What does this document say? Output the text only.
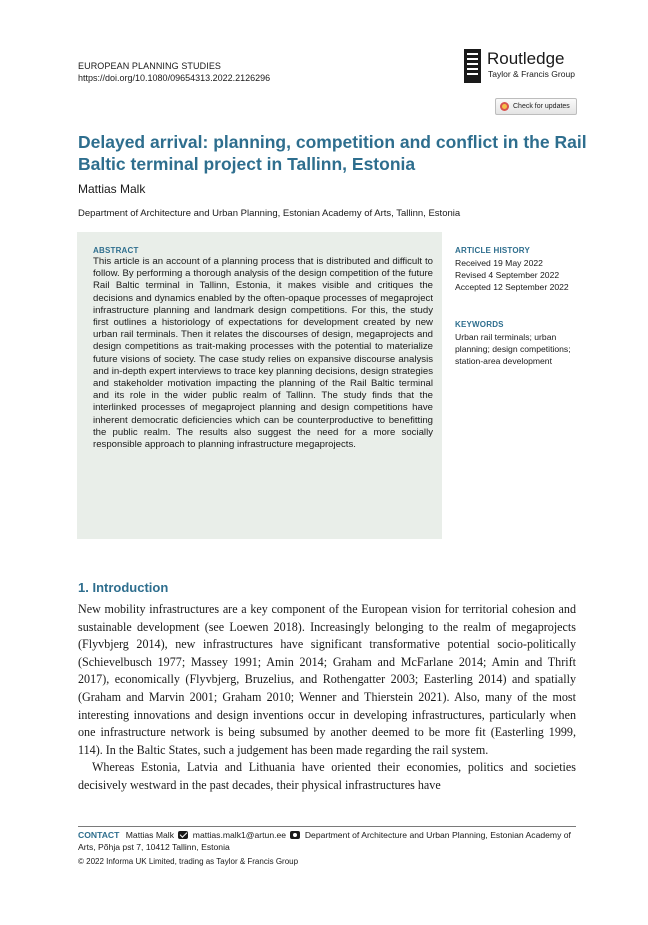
EUROPEAN PLANNING STUDIES
https://doi.org/10.1080/09654313.2022.2126296
Routledge
Taylor & Francis Group
Check for updates
Delayed arrival: planning, competition and conflict in the Rail Baltic terminal project in Tallinn, Estonia
Mattias Malk
Department of Architecture and Urban Planning, Estonian Academy of Arts, Tallinn, Estonia
ABSTRACT
This article is an account of a planning process that is distributed and difficult to follow. By performing a thorough analysis of the design competition of the future Rail Baltic terminal in Tallinn, Estonia, it makes visible and critiques the decisions and dynamics enabled by the often-opaque processes of megaproject infrastructure planning and landmark design competitions. For this, the study first outlines a historiology of expectations for development created by new urban rail terminals. Then it relates the discourses of design, megaprojects and design competitions as trait-making processes with the potential to materialize future visions of society. The case study relies on expansive discourse analysis and in-depth expert interviews to trace key planning decisions, design strategies and stakeholder motivation impacting the planning of the Rail Baltic terminal and its role in the wider public realm of Tallinn. The study finds that the interlinked processes of megaproject planning and design competitions have inherent democratic deficiencies which can be counterproductive to benefitting the public realm. The results also suggest the need for a more socially responsible approach to planning infrastructure megaprojects.
ARTICLE HISTORY
Received 19 May 2022
Revised 4 September 2022
Accepted 12 September 2022
KEYWORDS
Urban rail terminals; urban planning; design competitions; station-area development
1. Introduction

New mobility infrastructures are a key component of the European vision for territorial cohesion and sustainable development (see Loewen 2018). Increasingly belonging to the realm of megaprojects (Flyvbjerg 2014), new infrastructures have significant transformative potential socio-politically (Schievelbusch 1977; Massey 1991; Amin 2014; Graham and McFarlane 2014; Amin and Thrift 2017), economically (Flyvbjerg, Bruzelius, and Rothengatter 2003; Easterling 2014) and spatially (Graham and Marvin 2001; Graham 2010; Wenner and Thierstein 2021). Also, many of the most interesting innovations and design inventions occur in developing infrastructures, particularly when one infrastructure network is being subsumed by another deemed to be more fit (Easterling 1999, 114). In the Baltic States, such a judgement has been made regarding the rail system.

Whereas Estonia, Latvia and Lithuania have oriented their economies, politics and societies decisively westward in the past decades, their physical infrastructures have

CONTACT Mattias Malk mattias.malk1@artun.ee Department of Architecture and Urban Planning, Estonian Academy of Arts, Põhja pst 7, 10412 Tallinn, Estonia
© 2022 Informa UK Limited, trading as Taylor & Francis Group
